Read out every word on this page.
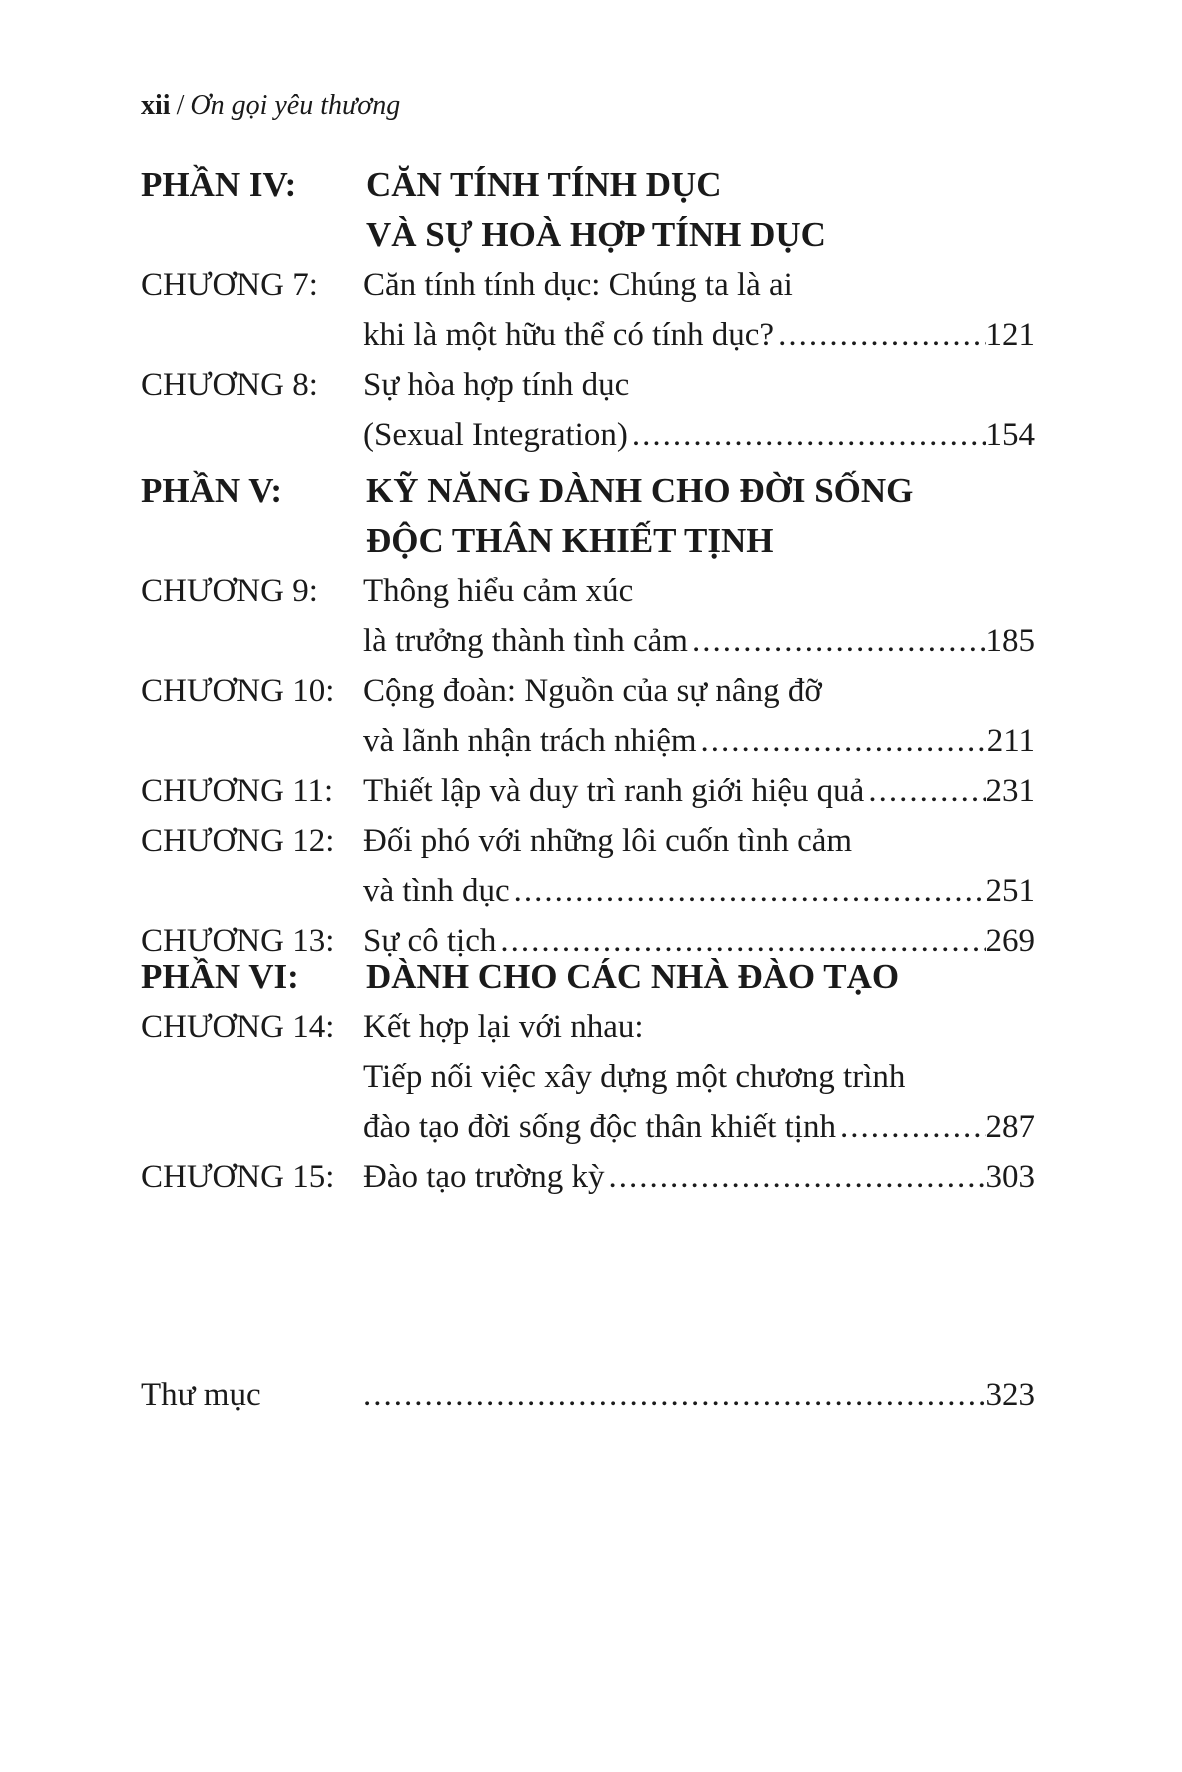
xii / Ơn gọi yêu thương
PHẦN IV: CĂN TÍNH TÍNH DỤC
VÀ SỰ HOÀ HỢP TÍNH DỤC
CHƯƠNG 7: Căn tính tính dục: Chúng ta là ai
khi là một hữu thể có tính dục? .....	121
CHƯƠNG 8: Sự hòa hợp tính dục
(Sexual Integration) .....	154
PHẦN V: KỸ NĂNG DÀNH CHO ĐỜI SỐNG
ĐỘC THÂN KHIẾT TỊNH
CHƯƠNG 9: Thông hiểu cảm xúc
là trưởng thành tình cảm .....	185
CHƯƠNG 10: Cộng đoàn: Nguồn của sự nâng đỡ
và lãnh nhận trách nhiệm .....	211
CHƯƠNG 11: Thiết lập và duy trì ranh giới hiệu quả .....	231
CHƯƠNG 12: Đối phó với những lôi cuốn tình cảm
và tình dục .....	251
CHƯƠNG 13: Sự cô tịch .....	269
PHẦN VI: DÀNH CHO CÁC NHÀ ĐÀO TẠO
CHƯƠNG 14: Kết hợp lại với nhau:
Tiếp nối việc xây dựng một chương trình
đào tạo đời sống độc thân khiết tịnh .....	287
CHƯƠNG 15: Đào tạo trường kỳ .....	303
Thư mục .....	323
